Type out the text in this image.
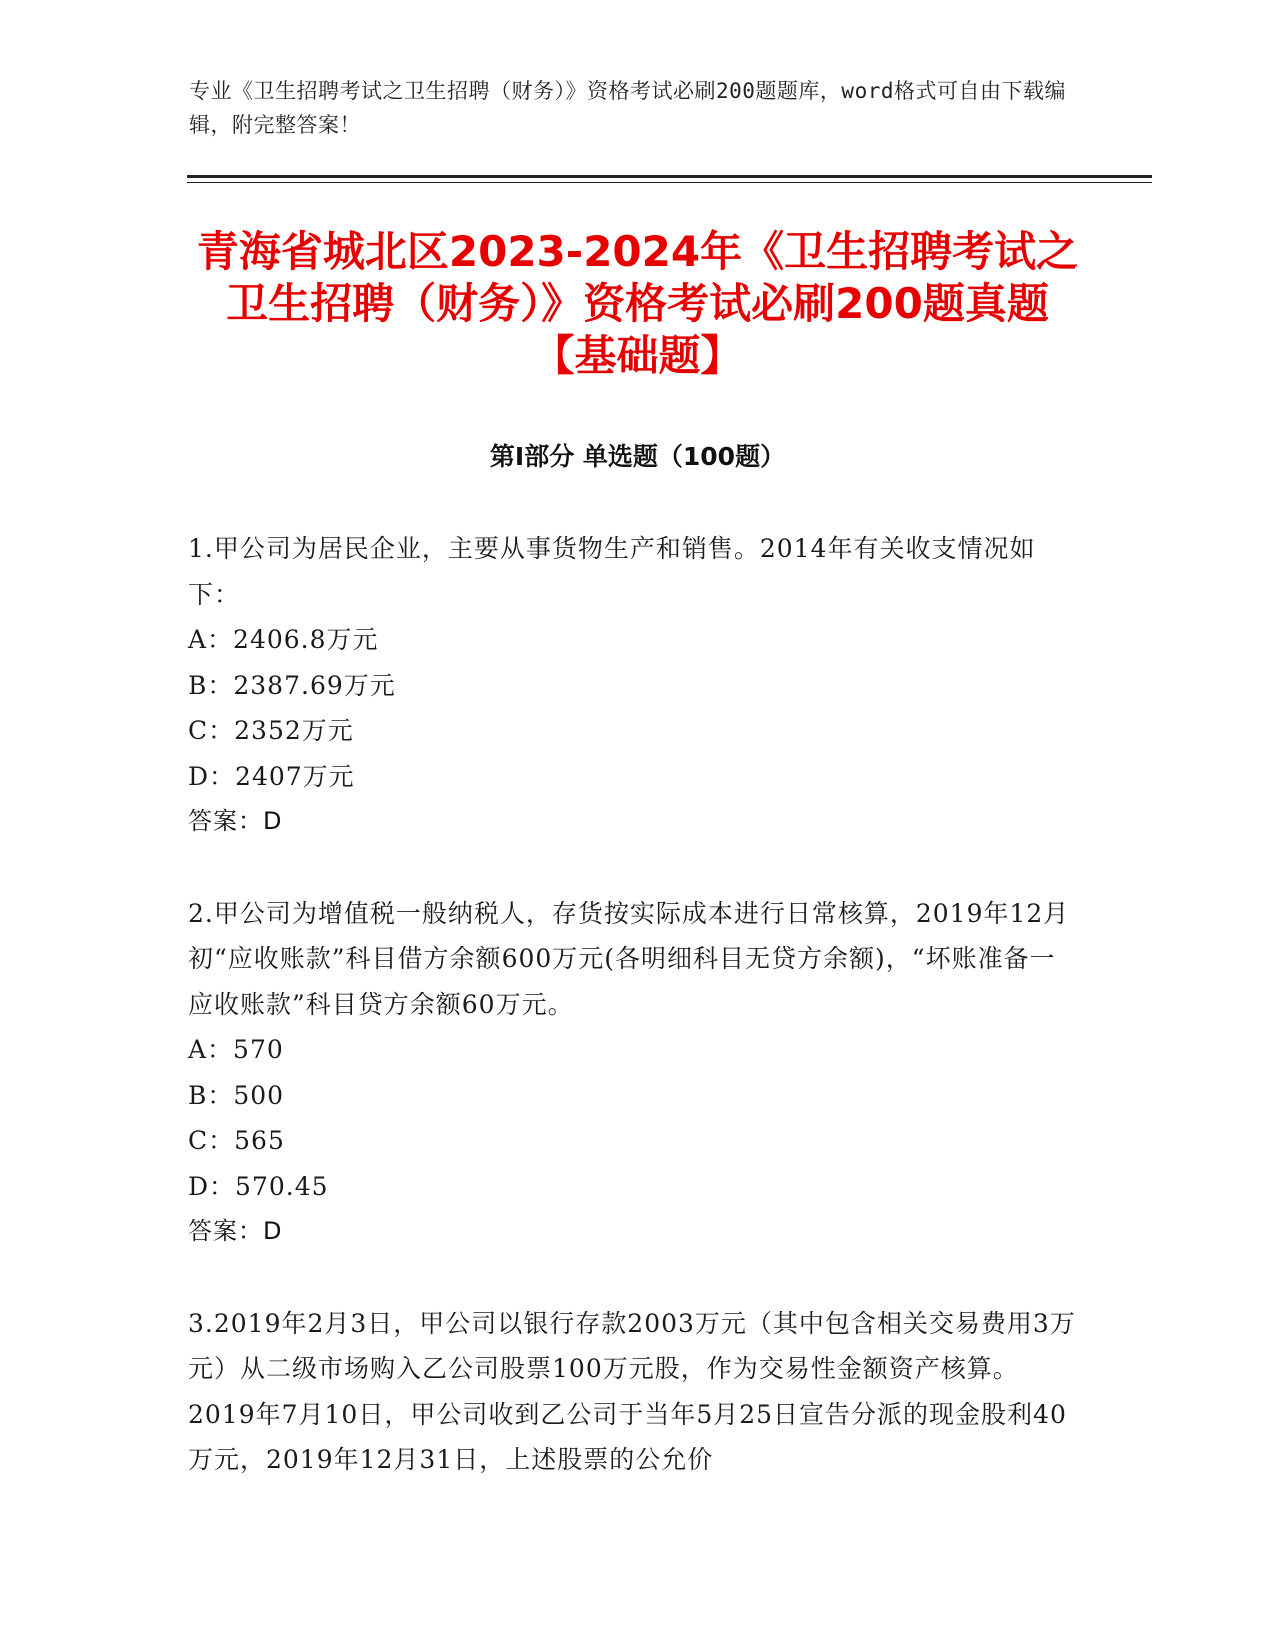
专业《卫生招聘考试之卫生招聘（财务）》资格考试必刷200题题库，word格式可自由下载编辑，附完整答案！
青海省城北区2023-2024年《卫生招聘考试之卫生招聘（财务）》资格考试必刷200题真题【基础题】
第Ⅰ部分 单选题（100题）

1.甲公司为居民企业，主要从事货物生产和销售。2014年有关收支情况如下：

A：2406.8万元

B：2387.69万元

C：2352万元

D：2407万元

答案：D

2.甲公司为增值税一般纳税人，存货按实际成本进行日常核算，2019年12月初“应收账款”科目借方余额600万元(各明细科目无贷方余额)，“坏账准备一应收账款”科目贷方余额60万元。

A：570

B：500

C：565

D：570.45

答案：D

3.2019年2月3日，甲公司以银行存款2003万元（其中包含相关交易费用3万元）从二级市场购入乙公司股票100万元股，作为交易性金额资产核算。2019年7月10日，甲公司收到乙公司于当年5月25日宣告分派的现金股利40万元，2019年12月31日，上述股票的公允价
